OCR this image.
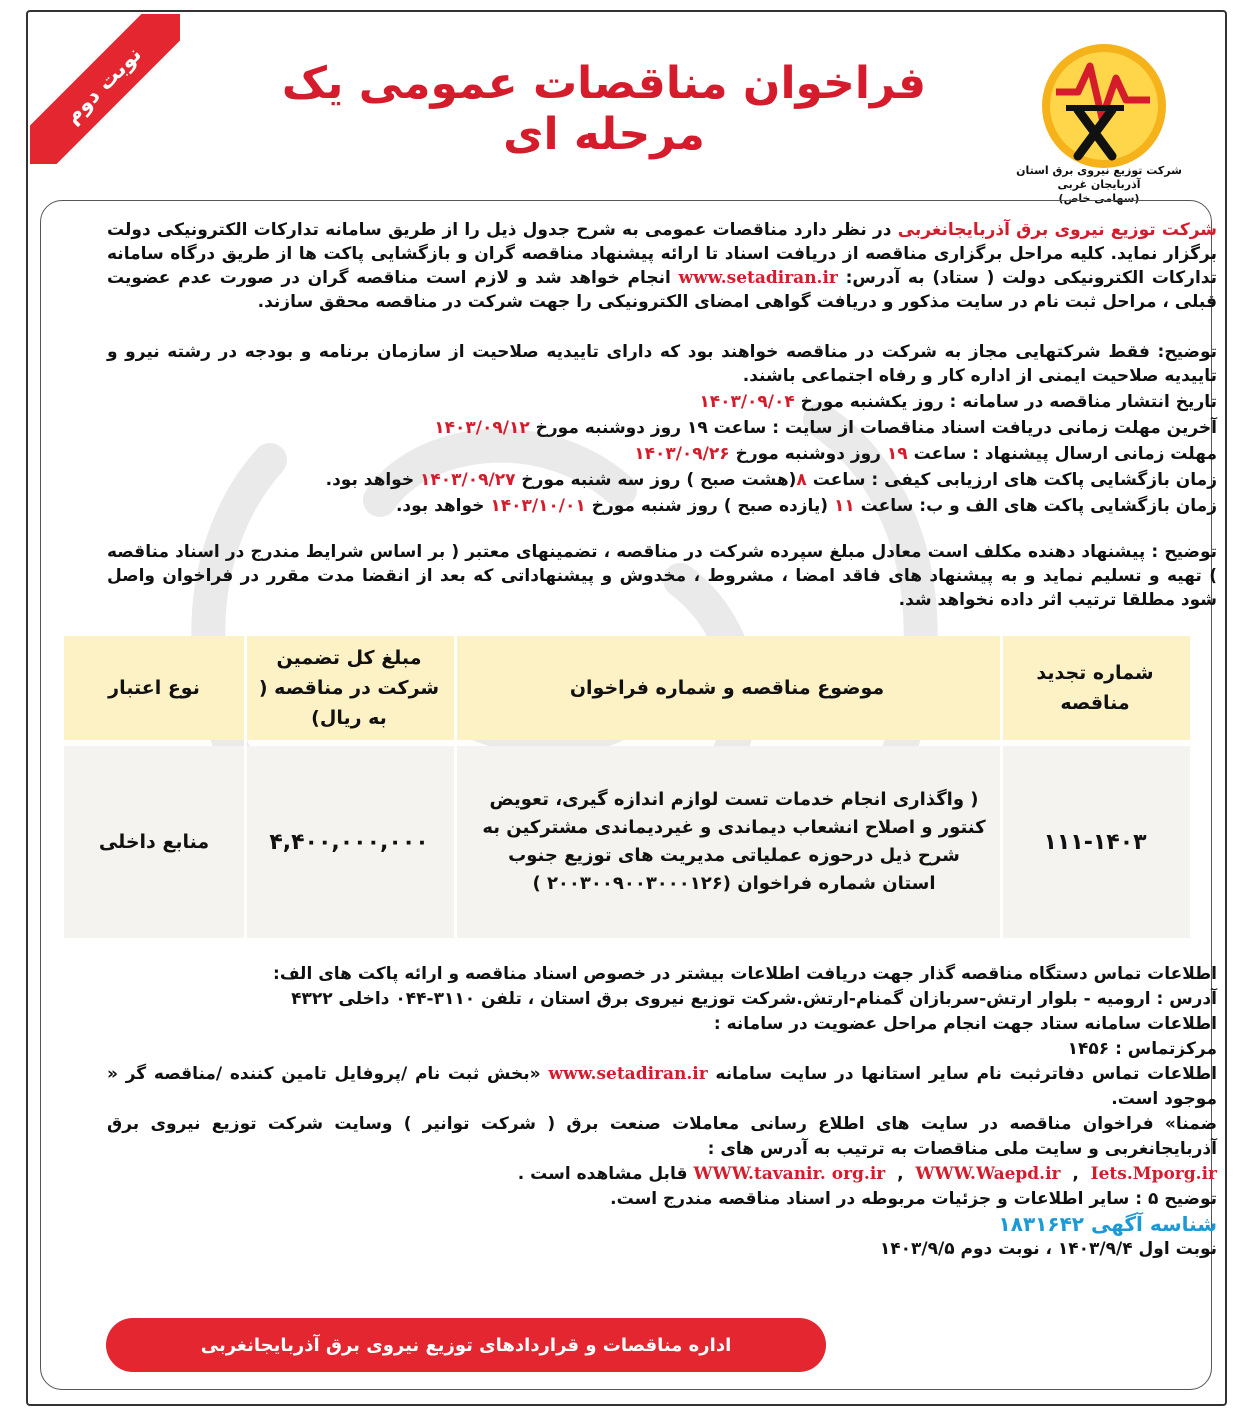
نوبت دوم	فراخوان مناقصات عمومی یک مرحله ای
شرکت توزیع نیروی برق استان آذربایجان غربی
(سهامی خاص)
شرکت توزیع نیروی برق آذربایجانغربی در نظر دارد مناقصات عمومی به شرح جدول ذیل را از طریق سامانه تدارکات الکترونیکی دولت برگزار نماید. کلیه مراحل برگزاری مناقصه از دریافت اسناد تا ارائه پیشنهاد مناقصه گران و بازگشایی پاکت ها از طریق درگاه سامانه تدارکات الکترونیکی دولت ( ستاد) به آدرس: www.setadiran.ir انجام خواهد شد و لازم است مناقصه گران در صورت عدم عضویت قبلی ، مراحل ثبت نام در سایت مذکور و دریافت گواهی امضای الکترونیکی را جهت شرکت در مناقصه محقق سازند.
توضیح: فقط شرکتهایی مجاز به شرکت در مناقصه خواهند بود که دارای تاییدیه صلاحیت از سازمان برنامه و بودجه در رشته نیرو و تاییدیه صلاحیت ایمنی از اداره کار و رفاه اجتماعی باشند.
تاریخ انتشار مناقصه در سامانه : روز یکشنبه مورخ ۱۴۰۳/۰۹/۰۴
آخرین مهلت زمانی دریافت اسناد مناقصات از سایت : ساعت ۱۹ روز دوشنبه مورخ ۱۴۰۳/۰۹/۱۲
مهلت زمانی ارسال پیشنهاد : ساعت ۱۹ روز دوشنبه مورخ ۱۴۰۳/۰۹/۲۶
زمان بازگشایی پاکت های ارزیابی کیفی : ساعت ۸(هشت صبح ) روز سه شنبه مورخ ۱۴۰۳/۰۹/۲۷ خواهد بود.
زمان بازگشایی پاکت های الف و ب: ساعت ۱۱ (یازده صبح ) روز شنبه مورخ ۱۴۰۳/۱۰/۰۱ خواهد بود.
توضیح : پیشنهاد دهنده مکلف است معادل مبلغ سپرده شرکت در مناقصه ، تضمینهای معتبر ( بر اساس شرایط مندرج در اسناد مناقصه ) تهیه و تسلیم نماید و به پیشنهاد های فاقد امضا ، مشروط ، مخدوش و پیشنهاداتی که بعد از انقضا مدت مقرر در فراخوان واصل شود مطلقا ترتیب اثر داده نخواهد شد.
شماره تجدید مناقصه
موضوع مناقصه و شماره فراخوان
مبلغ کل تضمین شرکت در مناقصه ( به ریال)
نوع اعتبار
۱۱۱-۱۴۰۳
( واگذاری انجام خدمات تست لوازم اندازه گیری، تعویض کنتور و اصلاح انشعاب دیماندی و غیردیماندی مشترکین به شرح ذیل درحوزه عملیاتی مدیریت های توزیع جنوب استان شماره فراخوان (۲۰۰۳۰۰۹۰۰۳۰۰۰۱۲۶ )
۴,۴۰۰,۰۰۰,۰۰۰
منابع داخلی
اطلاعات تماس دستگاه مناقصه گذار جهت دریافت اطلاعات بیشتر در خصوص اسناد مناقصه و ارائه پاکت های الف:
آدرس : ارومیه - بلوار ارتش-سربازان گمنام-ارتش.شرکت توزیع نیروی برق استان ، تلفن ۳۱۱۰-۰۴۴ داخلی ۴۳۲۲
اطلاعات سامانه ستاد جهت انجام مراحل عضویت در سامانه :
مرکزتماس : ۱۴۵۶
اطلاعات تماس دفاترثبت نام سایر استانها در سایت سامانه www.setadiran.ir «بخش ثبت نام /پروفایل تامین کننده /مناقصه گر « موجود است.
ضمنا» فراخوان مناقصه در سایت های اطلاع رسانی معاملات صنعت برق ( شرکت توانیر ) وسایت شرکت توزیع نیروی برق آذربایجانغربی و سایت ملی مناقصات به ترتیب به آدرس های :
WWW.tavanir. org.ir  ,  WWW.Waepd.ir  ,  Iets.Mporg.ir قابل مشاهده است .
توضیح ۵ : سایر اطلاعات و جزئیات مربوطه در اسناد مناقصه مندرج است.
شناسه آگهی ۱۸۳۱۶۴۲
نوبت اول ۱۴۰۳/۹/۴ ، نوبت دوم ۱۴۰۳/۹/۵
اداره مناقصات و قراردادهای توزیع نیروی برق آذربایجانغربی
